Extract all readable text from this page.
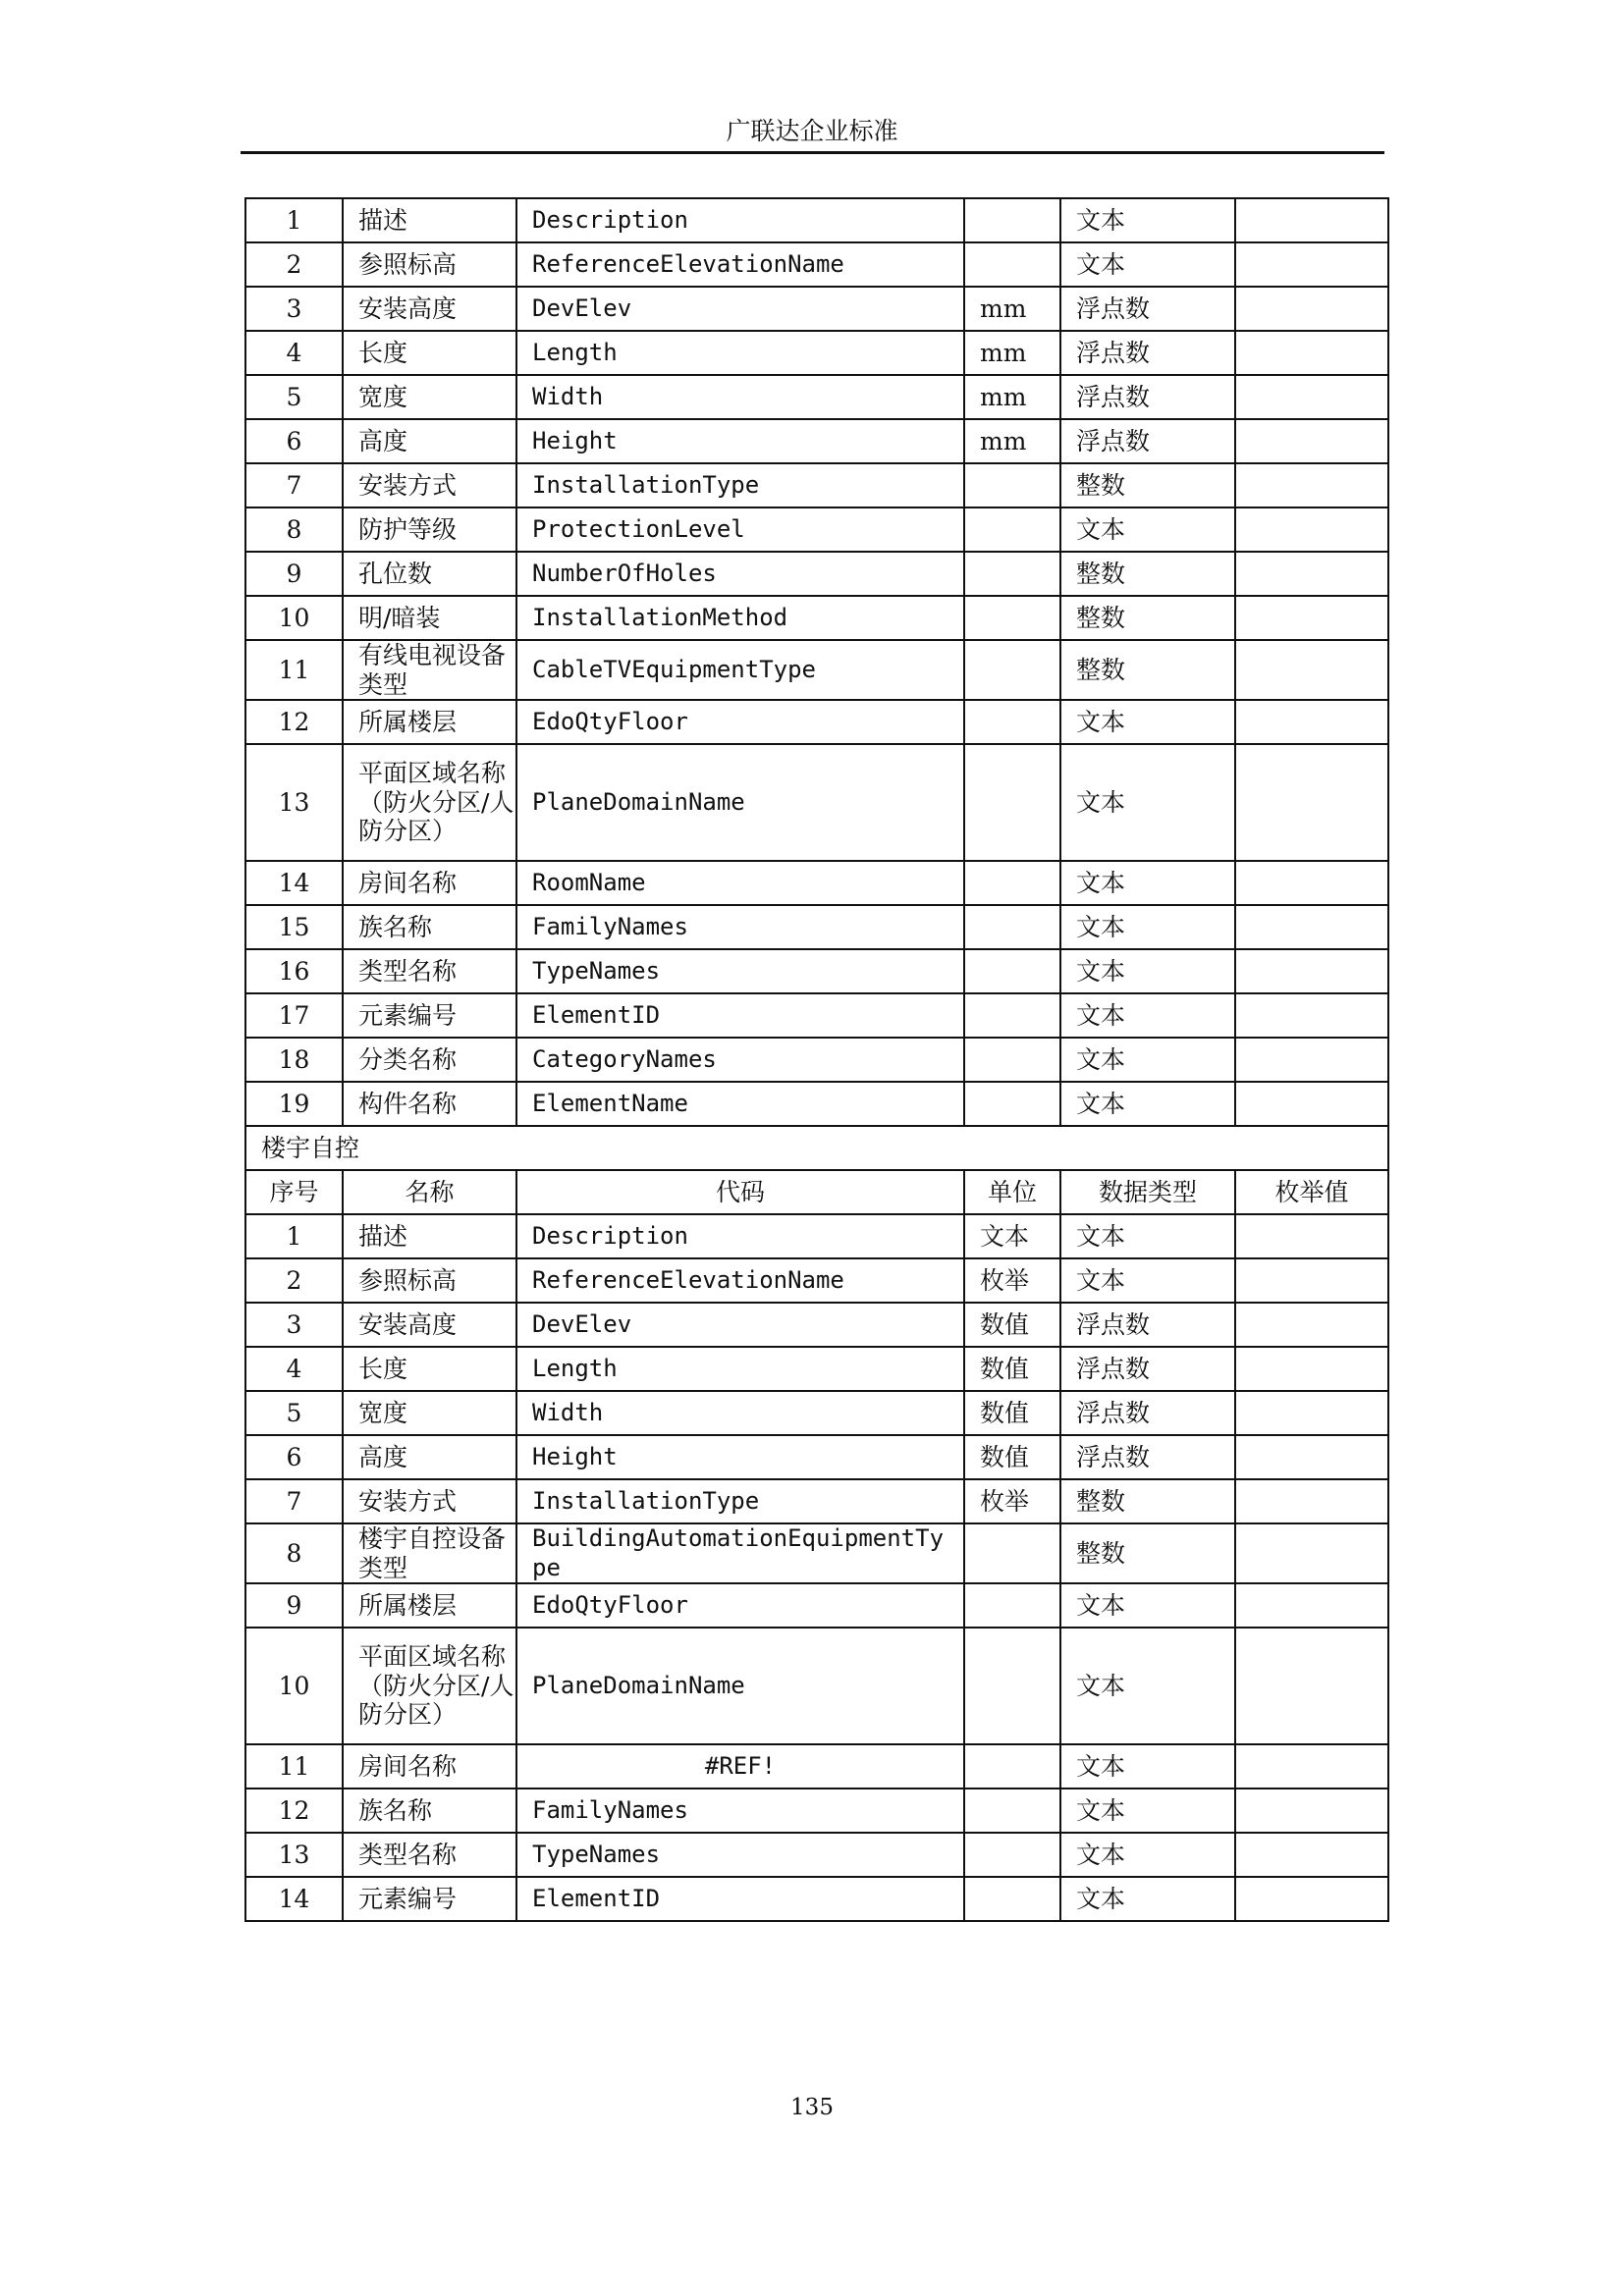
广联达企业标准
1	描述	Description		文本	
2	参照标高	ReferenceElevationName		文本	
3	安装高度	DevElev	mm	浮点数	
4	长度	Length	mm	浮点数	
5	宽度	Width	mm	浮点数	
6	高度	Height	mm	浮点数	
7	安装方式	InstallationType		整数	
8	防护等级	ProtectionLevel		文本	
9	孔位数	NumberOfHoles		整数	
10	明/暗装	InstallationMethod		整数	
11	有线电视设备类型	CableTVEquipmentType		整数	
12	所属楼层	EdoQtyFloor		文本	
13	平面区域名称（防火分区/人防分区）	PlaneDomainName		文本	
14	房间名称	RoomName		文本	
15	族名称	FamilyNames		文本	
16	类型名称	TypeNames		文本	
17	元素编号	ElementID		文本	
18	分类名称	CategoryNames		文本	
19	构件名称	ElementName		文本	
楼宇自控					
序号	名称	代码	单位	数据类型	枚举值
1	描述	Description	文本	文本	
2	参照标高	ReferenceElevationName	枚举	文本	
3	安装高度	DevElev	数值	浮点数	
4	长度	Length	数值	浮点数	
5	宽度	Width	数值	浮点数	
6	高度	Height	数值	浮点数	
7	安装方式	InstallationType	枚举	整数	
8	楼宇自控设备类型	BuildingAutomationEquipmentType		整数	
9	所属楼层	EdoQtyFloor		文本	
10	平面区域名称（防火分区/人防分区）	PlaneDomainName		文本	
11	房间名称	#REF!		文本	
12	族名称	FamilyNames		文本	
13	类型名称	TypeNames		文本	
14	元素编号	ElementID		文本	
135
